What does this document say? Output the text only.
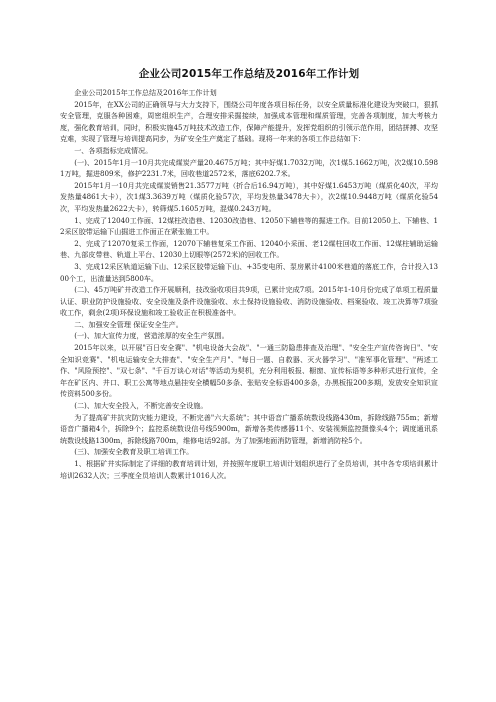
企业公司2015年工作总结及2016年工作计划

企业公司2015年工作总结及2016年工作计划

2015年，在XX公司的正确领导与大力支持下，围绕公司年度各项目标任务，以安全质量标准化建设为突破口，狠抓安全管理，克服各种困难，周密组织生产，合理安排采掘接续，加强成本管理和煤质管理，完善各项制度，加大考核力度，强化教育培训，同时，积极实施45万吨技术改造工作，保障产能提升，发挥党组织的引领示范作用，团结拼搏、攻坚克难，实现了管理与培训提高同步，为矿安全生产奠定了基础。现将一年来的各项工作总结如下：

一、各项指标完成情况。

(一)、2015年1月一10月共完成煤炭产量20.4675万吨；其中好煤1.7032万吨，次1煤5.1662万吨，次2煤10.5981万吨，掘进809米，修护2231.7米，回收巷道2572米，落底6202.7米。

2015年1月一10月共完成煤炭销售21.3577万吨（折合后16.94万吨），其中好煤1.6453万吨（煤质化40次，平均发热量4861大卡），次1煤3.3639万吨（煤质化验57次，平均发热量3478大卡），次2煤10.9448万吨（煤质化验54次，平均发热量2622大卡），转筛煤5.1605万吨，混煤0.243万吨。

1、完成了12040工作面、12煤柱改造巷、12030改造巷、12050下辅巷等的掘进工作。目前12050上、下辅巷、12采区胶带运输下山掘进工作面正在紧张施工中。

2、完成了12070复采工作面，12070下辅巷复采工作面、12040小采面、老12煤柱回收工作面、12煤柱辅助运输巷、九部皮带巷、轨道上平台、12030上切眼等(2572米)的回收工作。

3、完成12采区轨道运输下山、12采区胶带运输下山、+35变电所、泵房累计4100米巷道的落底工作，合计投入1300个工，出渣量达到5800车。

(二)、45万吨矿井改造工作开展顺利，技改验收项目共9项，已累计完成7项。2015年1-10月份完成了单项工程质量认证、职业防护设施验收、安全设施及条件设施验收、水土保持设施验收、消防设施验收、档案验收、竣工决算等7项验收工作，剩余(2项)环保设施和竣工验收正在积极准备中。

二、加强安全管理 保证安全生产。

(一)、加大宣传力度，营造浓厚的安全生产氛围。

2015年以来，以开展"百日安全赛"、"机电设备大会战"、"一通三防隐患排查及治理"、"安全生产宣传咨询日"、"安全知识竞赛"、"机电运输安全大排查"、"安全生产月"、"每日一题、自救器、灭火器学习"、"准军事化管理"、"两述工作、"风险预控"、"双七条"、"千百万谈心对话"等活动为契机，充分利用板报、橱窗、宣传标语等多种形式进行宣传，全年在矿区内、井口、职工公寓等地点悬挂安全横幅50多条、张贴安全标语400多条，办黑板报200多期，发放安全知识宣传资料500多份。

(二)、加大安全投入，不断完善安全设施。

为了提高矿井抗灾防灾能力建设，不断完善"六大系统"；其中语音广播系统数设线路430m，拆除线路755m；新增语音广播箱4个，拆除9个；监控系统数设信号线5900m，新增各类传感器11个、安装视频监控摄像头4个；调度通讯系统数设线路1300m，拆除线路700m，维修电话92部。为了加强地面消防管理，新增消防栓5个。

(三)、加强安全教育及职工培训工作。

1、根据矿井实际制定了详细的教育培训计划，并按照年度职工培训计划组织进行了全员培训，其中各专项培训累计培训2632人次；三季度全员培训人数累计1016人次。
